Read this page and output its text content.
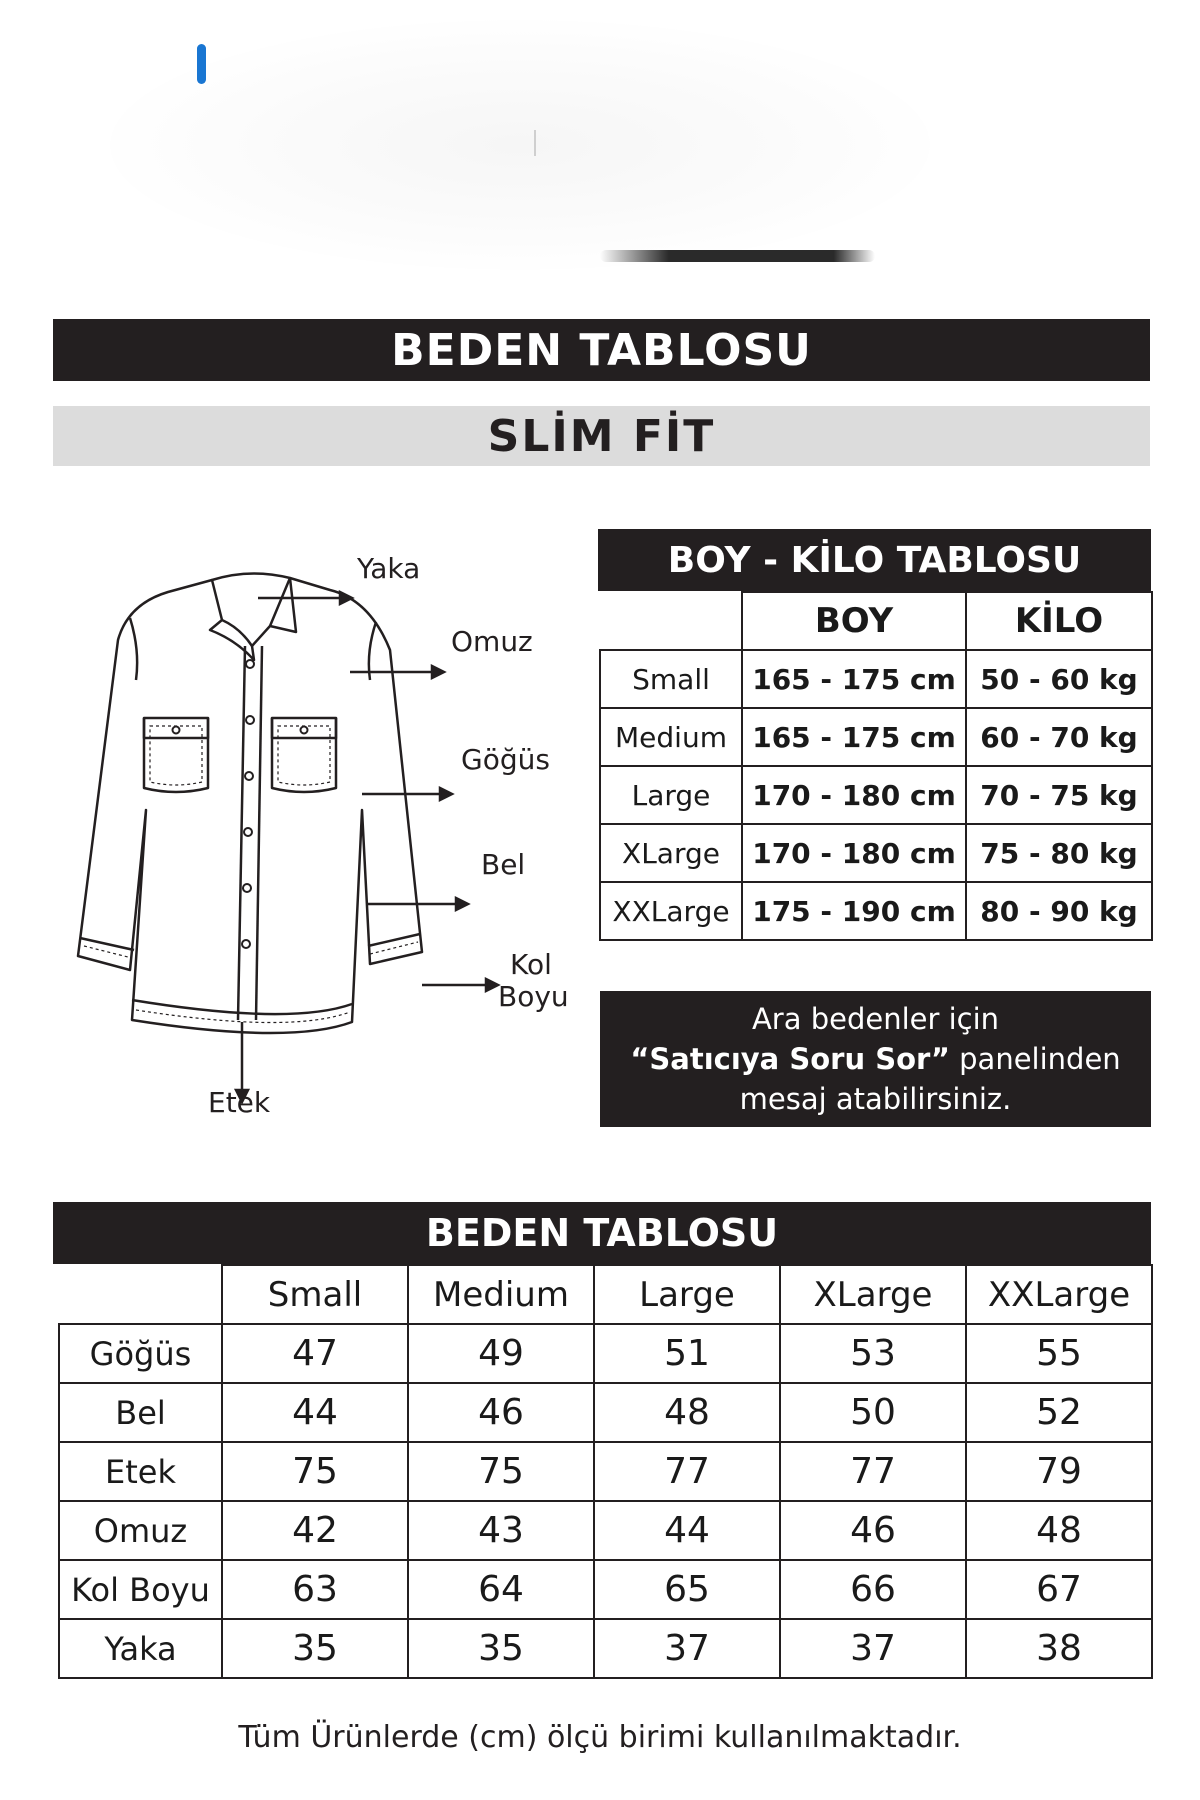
BEDEN TABLOSU
SLİM FİT
Yaka
Omuz
Göğüs
Bel
Kol
Boyu
Etek
BOY - KİLO TABLOSU
	BOY	KİLO
Small	165 - 175 cm	50 - 60 kg
Medium	165 - 175 cm	60 - 70 kg
Large	170 - 180 cm	70 - 75 kg
XLarge	170 - 180 cm	75 - 80 kg
XXLarge	175 - 190 cm	80 - 90 kg
Ara bedenler için
“Satıcıya Soru Sor” panelinden
mesaj atabilirsiniz.
BEDEN TABLOSU
	Small	Medium	Large	XLarge	XXLarge
Göğüs	47	49	51	53	55
Bel	44	46	48	50	52
Etek	75	75	77	77	79
Omuz	42	43	44	46	48
Kol Boyu	63	64	65	66	67
Yaka	35	35	37	37	38
Tüm Ürünlerde (cm) ölçü birimi kullanılmaktadır.
